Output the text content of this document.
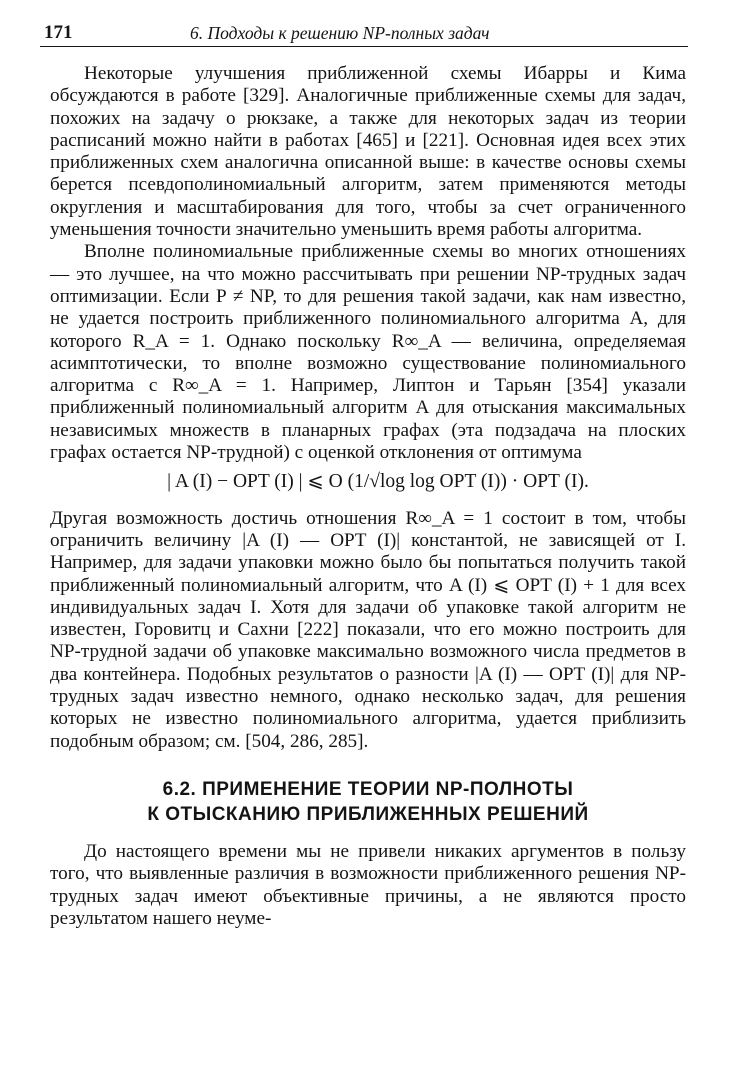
171	6. Подходы к решению NP-полных задач

Некоторые улучшения приближенной схемы Ибарры и Кима обсуждаются в работе [329]. Аналогичные приближенные схемы для задач, похожих на задачу о рюкзаке, а также для некоторых задач из теории расписаний можно найти в работах [465] и [221]. Основная идея всех этих приближенных схем аналогична описанной выше: в качестве основы схемы берется псевдополиномиальный алгоритм, затем применяются методы округления и масштабирования для того, чтобы за счет ограниченного уменьшения точности значительно уменьшить время работы алгоритма.

Вполне полиномиальные приближенные схемы во многих отношениях — это лучшее, на что можно рассчитывать при решении NP-трудных задач оптимизации. Если P ≠ NP, то для решения такой задачи, как нам известно, не удается построить приближенного полиномиального алгоритма A, для которого R_A = 1. Однако поскольку R∞_A — величина, определяемая асимптотически, то вполне возможно существование полиномиального алгоритма с R∞_A = 1. Например, Липтон и Тарьян [354] указали приближенный полиномиальный алгоритм A для отыскания максимальных независимых множеств в планарных графах (эта подзадача на плоских графах остается NP-трудной) с оценкой отклонения от оптимума

| A (I) − OPT (I) | ⩽ O (1/√log log OPT (I)) · OPT (I).

Другая возможность достичь отношения R∞_A = 1 состоит в том, чтобы ограничить величину |A (I) — OPT (I)| константой, не зависящей от I. Например, для задачи упаковки можно было бы попытаться получить такой приближенный полиномиальный алгоритм, что A (I) ⩽ OPT (I) + 1 для всех индивидуальных задач I. Хотя для задачи об упаковке такой алгоритм не известен, Горовитц и Сахни [222] показали, что его можно построить для NP-трудной задачи об упаковке максимально возможного числа предметов в два контейнера. Подобных результатов о разности |A (I) — OPT (I)| для NP-трудных задач известно немного, однако несколько задач, для решения которых не известно полиномиального алгоритма, удается приблизить подобным образом; см. [504, 286, 285].

6.2. ПРИМЕНЕНИЕ ТЕОРИИ NP-ПОЛНОТЫ
К ОТЫСКАНИЮ ПРИБЛИЖЕННЫХ РЕШЕНИЙ

До настоящего времени мы не привели никаких аргументов в пользу того, что выявленные различия в возможности приближенного решения NP-трудных задач имеют объективные причины, а не являются просто результатом нашего неуме-
